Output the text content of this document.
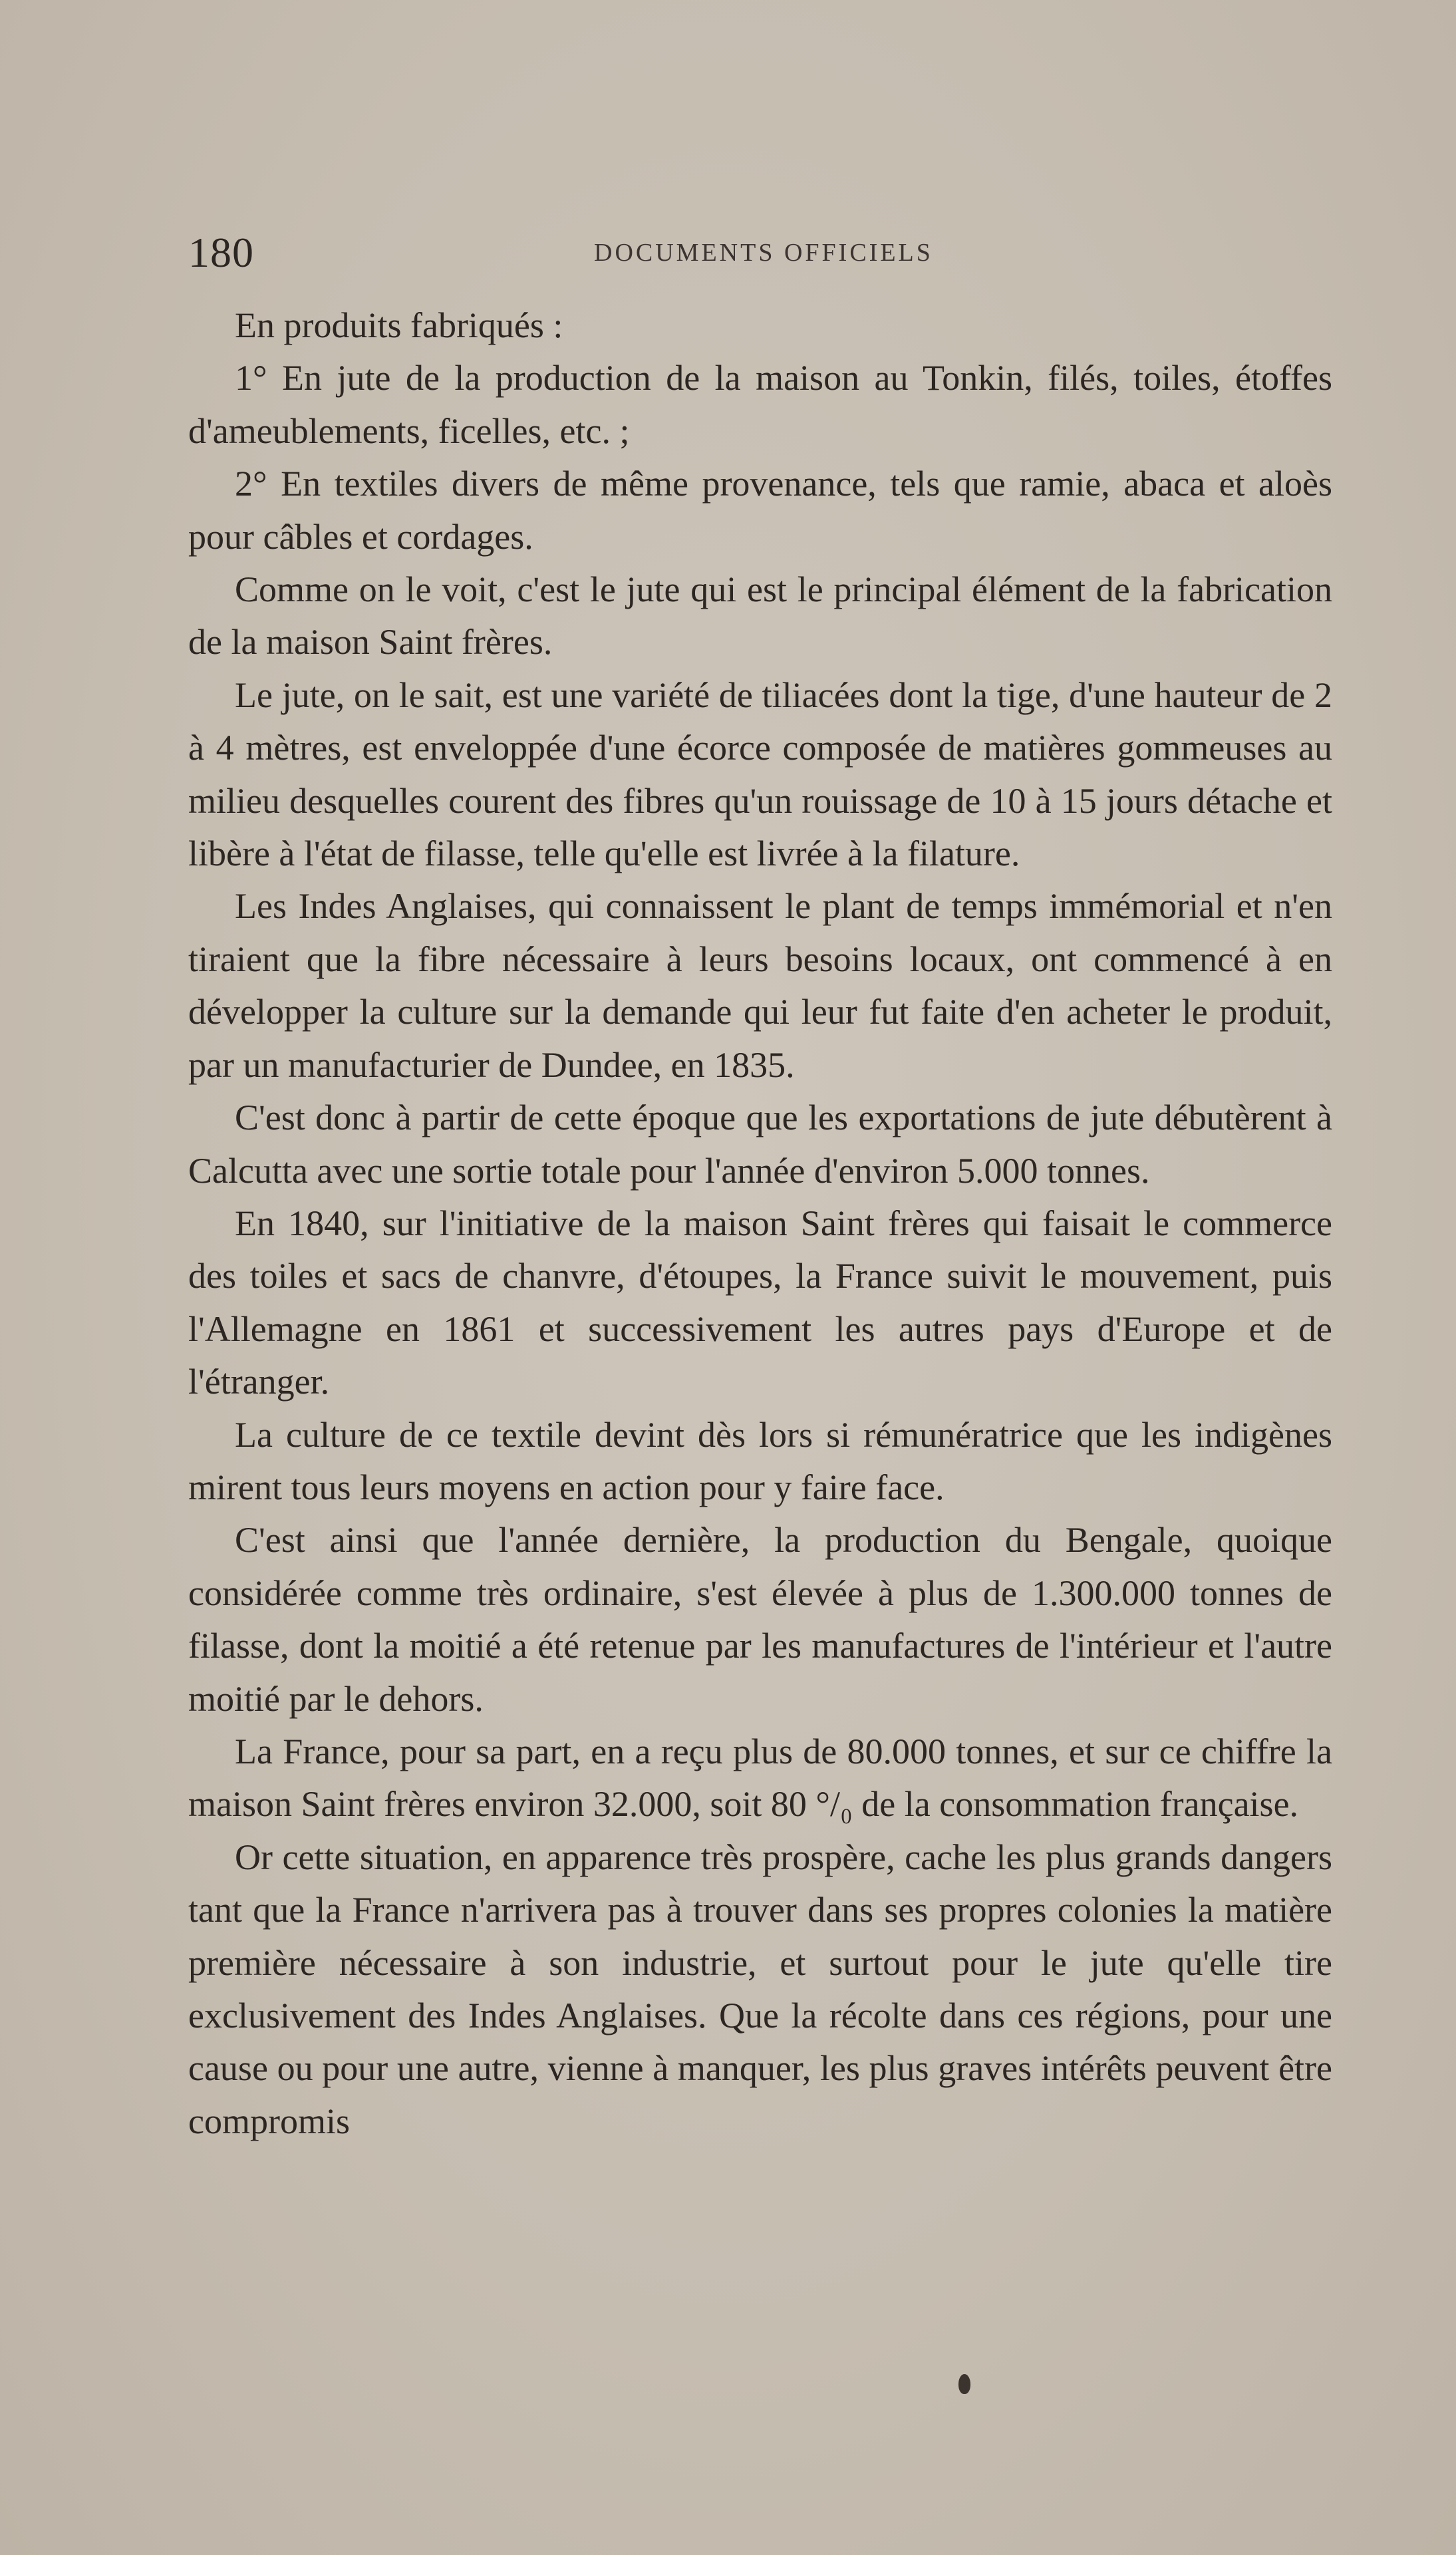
180	DOCUMENTS OFFICIELS

En produits fabriqués :

1° En jute de la production de la maison au Tonkin, filés, toiles, étoffes d'ameublements, ficelles, etc. ;

2° En textiles divers de même provenance, tels que ramie, abaca et aloès pour câbles et cordages.

Comme on le voit, c'est le jute qui est le principal élément de la fabrication de la maison Saint frères.

Le jute, on le sait, est une variété de tiliacées dont la tige, d'une hauteur de 2 à 4 mètres, est enveloppée d'une écorce composée de matières gommeuses au milieu desquelles courent des fibres qu'un rouissage de 10 à 15 jours détache et libère à l'état de filasse, telle qu'elle est livrée à la filature.

Les Indes Anglaises, qui connaissent le plant de temps immémorial et n'en tiraient que la fibre nécessaire à leurs besoins locaux, ont commencé à en développer la culture sur la demande qui leur fut faite d'en acheter le produit, par un manufacturier de Dundee, en 1835.

C'est donc à partir de cette époque que les exportations de jute débutèrent à Calcutta avec une sortie totale pour l'année d'environ 5.000 tonnes.

En 1840, sur l'initiative de la maison Saint frères qui faisait le commerce des toiles et sacs de chanvre, d'étoupes, la France suivit le mouvement, puis l'Allemagne en 1861 et successivement les autres pays d'Europe et de l'étranger.

La culture de ce textile devint dès lors si rémunératrice que les indigènes mirent tous leurs moyens en action pour y faire face.

C'est ainsi que l'année dernière, la production du Bengale, quoique considérée comme très ordinaire, s'est élevée à plus de 1.300.000 tonnes de filasse, dont la moitié a été retenue par les manufactures de l'intérieur et l'autre moitié par le dehors.

La France, pour sa part, en a reçu plus de 80.000 tonnes, et sur ce chiffre la maison Saint frères environ 32.000, soit 80 °/₀ de la consommation française.

Or cette situation, en apparence très prospère, cache les plus grands dangers tant que la France n'arrivera pas à trouver dans ses propres colonies la matière première nécessaire à son industrie, et surtout pour le jute qu'elle tire exclusivement des Indes Anglaises. Que la récolte dans ces régions, pour une cause ou pour une autre, vienne à manquer, les plus graves intérêts peuvent être compromis
